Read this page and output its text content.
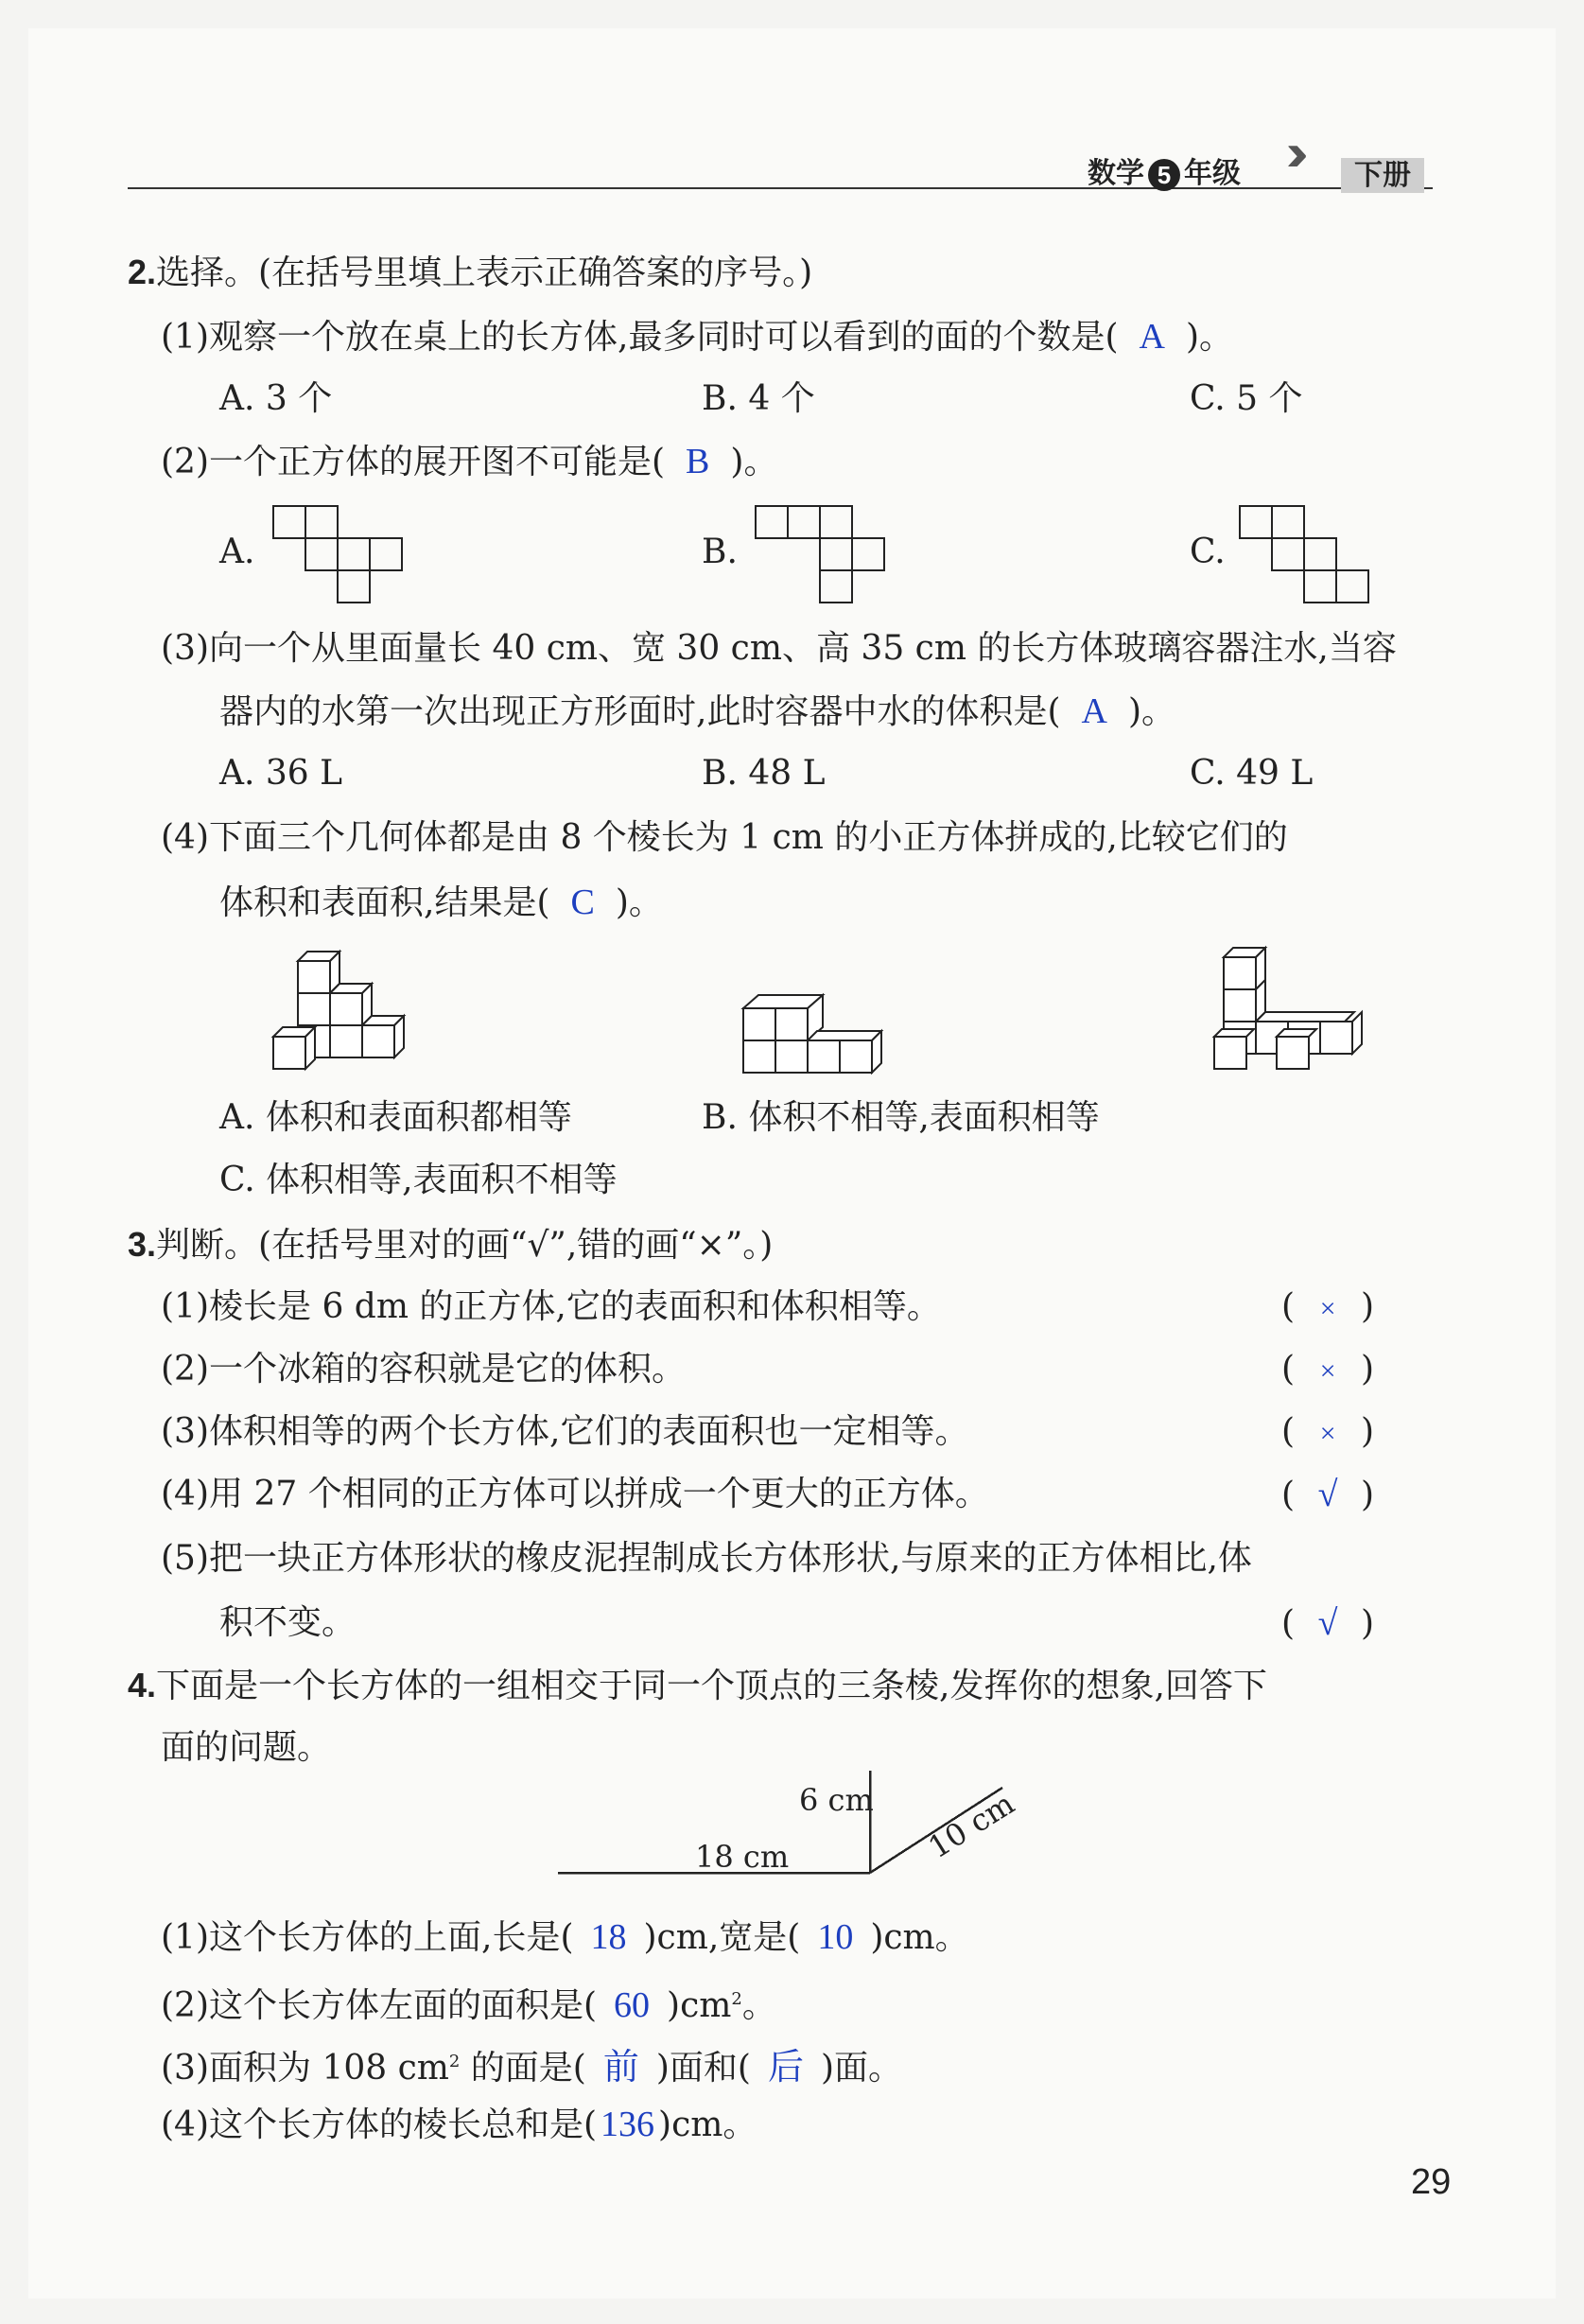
数学 5 年级 ››	下册
2.选择。(在括号里填上表示正确答案的序号。)
(1)观察一个放在桌上的长方体,最多同时可以看到的面的个数是( A )。
A. 3 个	B. 4 个	C. 5 个
(2)一个正方体的展开图不可能是( B )。
A.	B.	C.
(3)向一个从里面量长 40 cm、宽 30 cm、高 35 cm 的长方体玻璃容器注水,当容
器内的水第一次出现正方形面时,此时容器中水的体积是( A )。
A. 36 L	B. 48 L	C. 49 L
(4)下面三个几何体都是由 8 个棱长为 1 cm 的小正方体拼成的,比较它们的
体积和表面积,结果是( C )。
A. 体积和表面积都相等	B. 体积不相等,表面积相等
C. 体积相等,表面积不相等
3.判断。(在括号里对的画“√”,错的画“×”。)
(1)棱长是 6 dm 的正方体,它的表面积和体积相等。	( × )
(2)一个冰箱的容积就是它的体积。	( × )
(3)体积相等的两个长方体,它们的表面积也一定相等。	( × )
(4)用 27 个相同的正方体可以拼成一个更大的正方体。	( √ )
(5)把一块正方体形状的橡皮泥捏制成长方体形状,与原来的正方体相比,体
积不变。	( √ )
4.下面是一个长方体的一组相交于同一个顶点的三条棱,发挥你的想象,回答下
面的问题。
6 cm
18 cm	10 cm
(1)这个长方体的上面,长是( 18 )cm,宽是( 10 )cm。
(2)这个长方体左面的面积是( 60 )$cm^2$。
(3)面积为 108 $cm^2$ 的面是( 前 )面和( 后 )面。
(4)这个长方体的棱长总和是( 136 )cm。
29
